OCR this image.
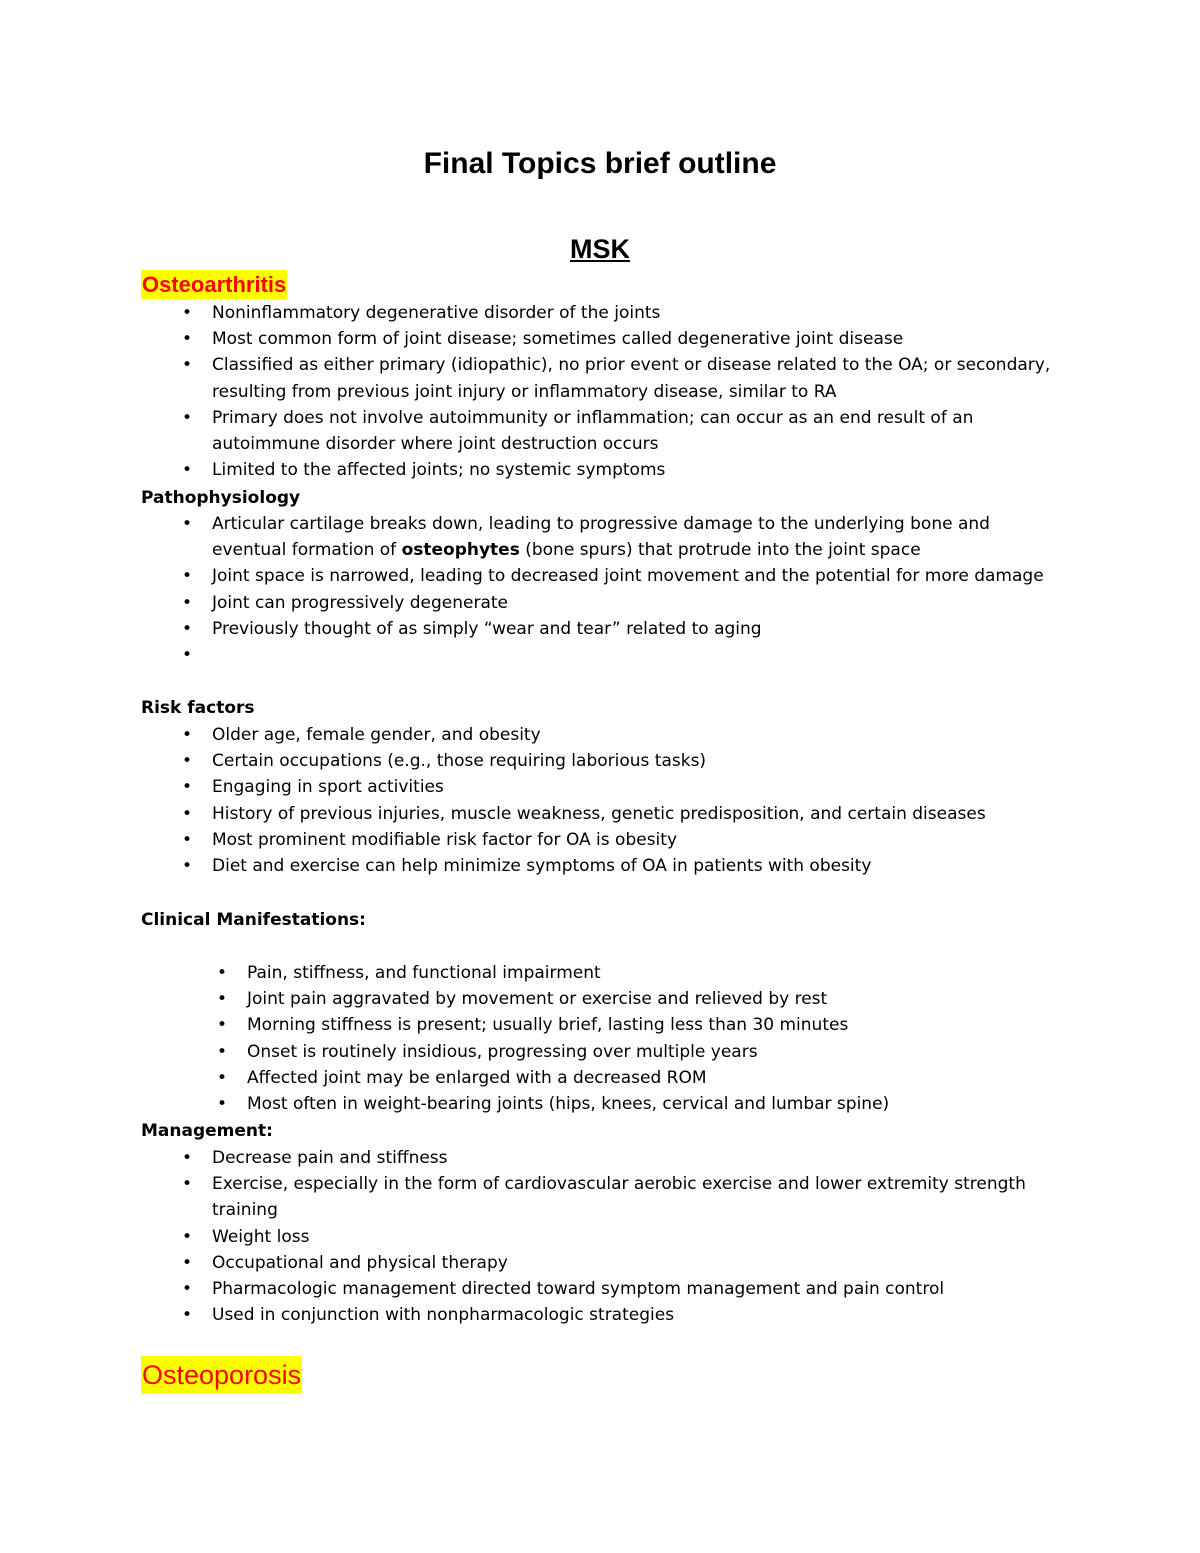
Final Topics brief outline
MSK
Osteoarthritis
• Noninflammatory degenerative disorder of the joints
• Most common form of joint disease; sometimes called degenerative joint disease
• Classified as either primary (idiopathic), no prior event or disease related to the OA; or secondary, resulting from previous joint injury or inflammatory disease, similar to RA
• Primary does not involve autoimmunity or inflammation; can occur as an end result of an autoimmune disorder where joint destruction occurs
• Limited to the affected joints; no systemic symptoms
Pathophysiology
• Articular cartilage breaks down, leading to progressive damage to the underlying bone and eventual formation of osteophytes (bone spurs) that protrude into the joint space
• Joint space is narrowed, leading to decreased joint movement and the potential for more damage
• Joint can progressively degenerate
• Previously thought of as simply “wear and tear” related to aging
•
Risk factors
• Older age, female gender, and obesity
• Certain occupations (e.g., those requiring laborious tasks)
• Engaging in sport activities
• History of previous injuries, muscle weakness, genetic predisposition, and certain diseases
• Most prominent modifiable risk factor for OA is obesity
• Diet and exercise can help minimize symptoms of OA in patients with obesity
Clinical Manifestations:
• Pain, stiffness, and functional impairment
• Joint pain aggravated by movement or exercise and relieved by rest
• Morning stiffness is present; usually brief, lasting less than 30 minutes
• Onset is routinely insidious, progressing over multiple years
• Affected joint may be enlarged with a decreased ROM
• Most often in weight-bearing joints (hips, knees, cervical and lumbar spine)
Management:
• Decrease pain and stiffness
• Exercise, especially in the form of cardiovascular aerobic exercise and lower extremity strength training
• Weight loss
• Occupational and physical therapy
• Pharmacologic management directed toward symptom management and pain control
• Used in conjunction with nonpharmacologic strategies
Osteoporosis
